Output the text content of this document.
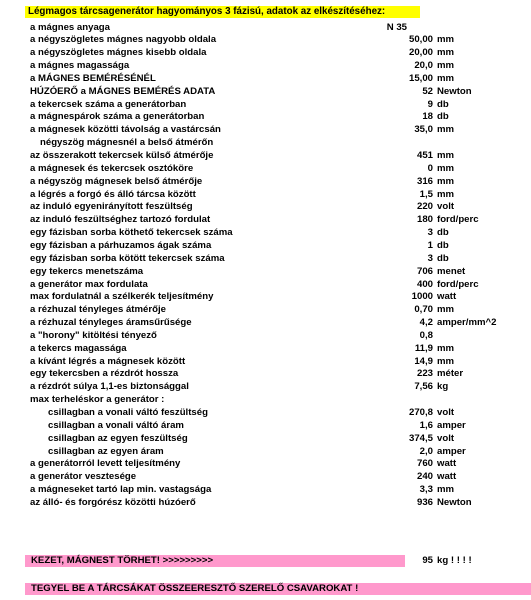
Légmagos tárcsagenerátor hagyományos 3 fázisú, adatok az elkészítéséhez:
a mágnes anyaga	N 35
a négyszögletes mágnes nagyobb oldala	50,00 mm
a négyszögletes mágnes kisebb oldala	20,00 mm
a mágnes magassága	20,0 mm
a MÁGNES BEMÉRÉSÉNÉL	15,00 mm
HÚZÓERŐ a MÁGNES BEMÉRÉS ADATA	52 Newton
a tekercsek száma a generátorban	9 db
a mágnespárok száma a generátorban	18 db
a mágnesek közötti távolság a vastárcsán	35,0 mm
négyszög mágnesnél a belső átmérőn
az összerakott tekercsek külső átmérője	451 mm
a mágnesek és tekercsek osztóköre	0 mm
a négyszög mágnesek belső átmérője	316 mm
a légrés a forgó és álló tárcsa között	1,5 mm
az induló egyenirányított feszültség	220 volt
az induló feszültséghez tartozó fordulat	180 ford/perc
egy fázisban sorba köthető tekercsek száma	3 db
egy fázisban a párhuzamos ágak száma	1 db
egy fázisban sorba kötött tekercsek száma	3 db
egy tekercs menetszáma	706 menet
a generátor max fordulata	400 ford/perc
max fordulatnál a szélkerék teljesítmény	1000 watt
a rézhuzal tényleges átmérője	0,70 mm
a rézhuzal tényleges áramsűrűsége	4,2 amper/mm^2
a "horony" kitöltési tényező	0,8
a tekercs magassága	11,9 mm
a kívánt légrés a mágnesek között	14,9 mm
egy tekercsben a rézdrót hossza	223 méter
a rézdrót súlya 1,1-es biztonsággal	7,56 kg
max terheléskor a generátor :
csillagban a vonali váltó feszültség	270,8 volt
csillagban a vonali váltó áram	1,6 amper
csillagban az egyen feszültség	374,5 volt
csillagban az egyen áram	2,0 amper
a generátorról levett teljesítmény	760 watt
a generátor vesztesége	240 watt
a mágneseket tartó lap min. vastagsága	3,3 mm
az álló- és forgórész közötti húzóerő	936 Newton
KEZET, MÁGNEST TÖRHET! >>>>>>>>>	95 kg ! ! ! !
TEGYEL BE A TÁRCSÁKAT ÖSSZEERESZTŐ SZERELŐ CSAVAROKAT !
